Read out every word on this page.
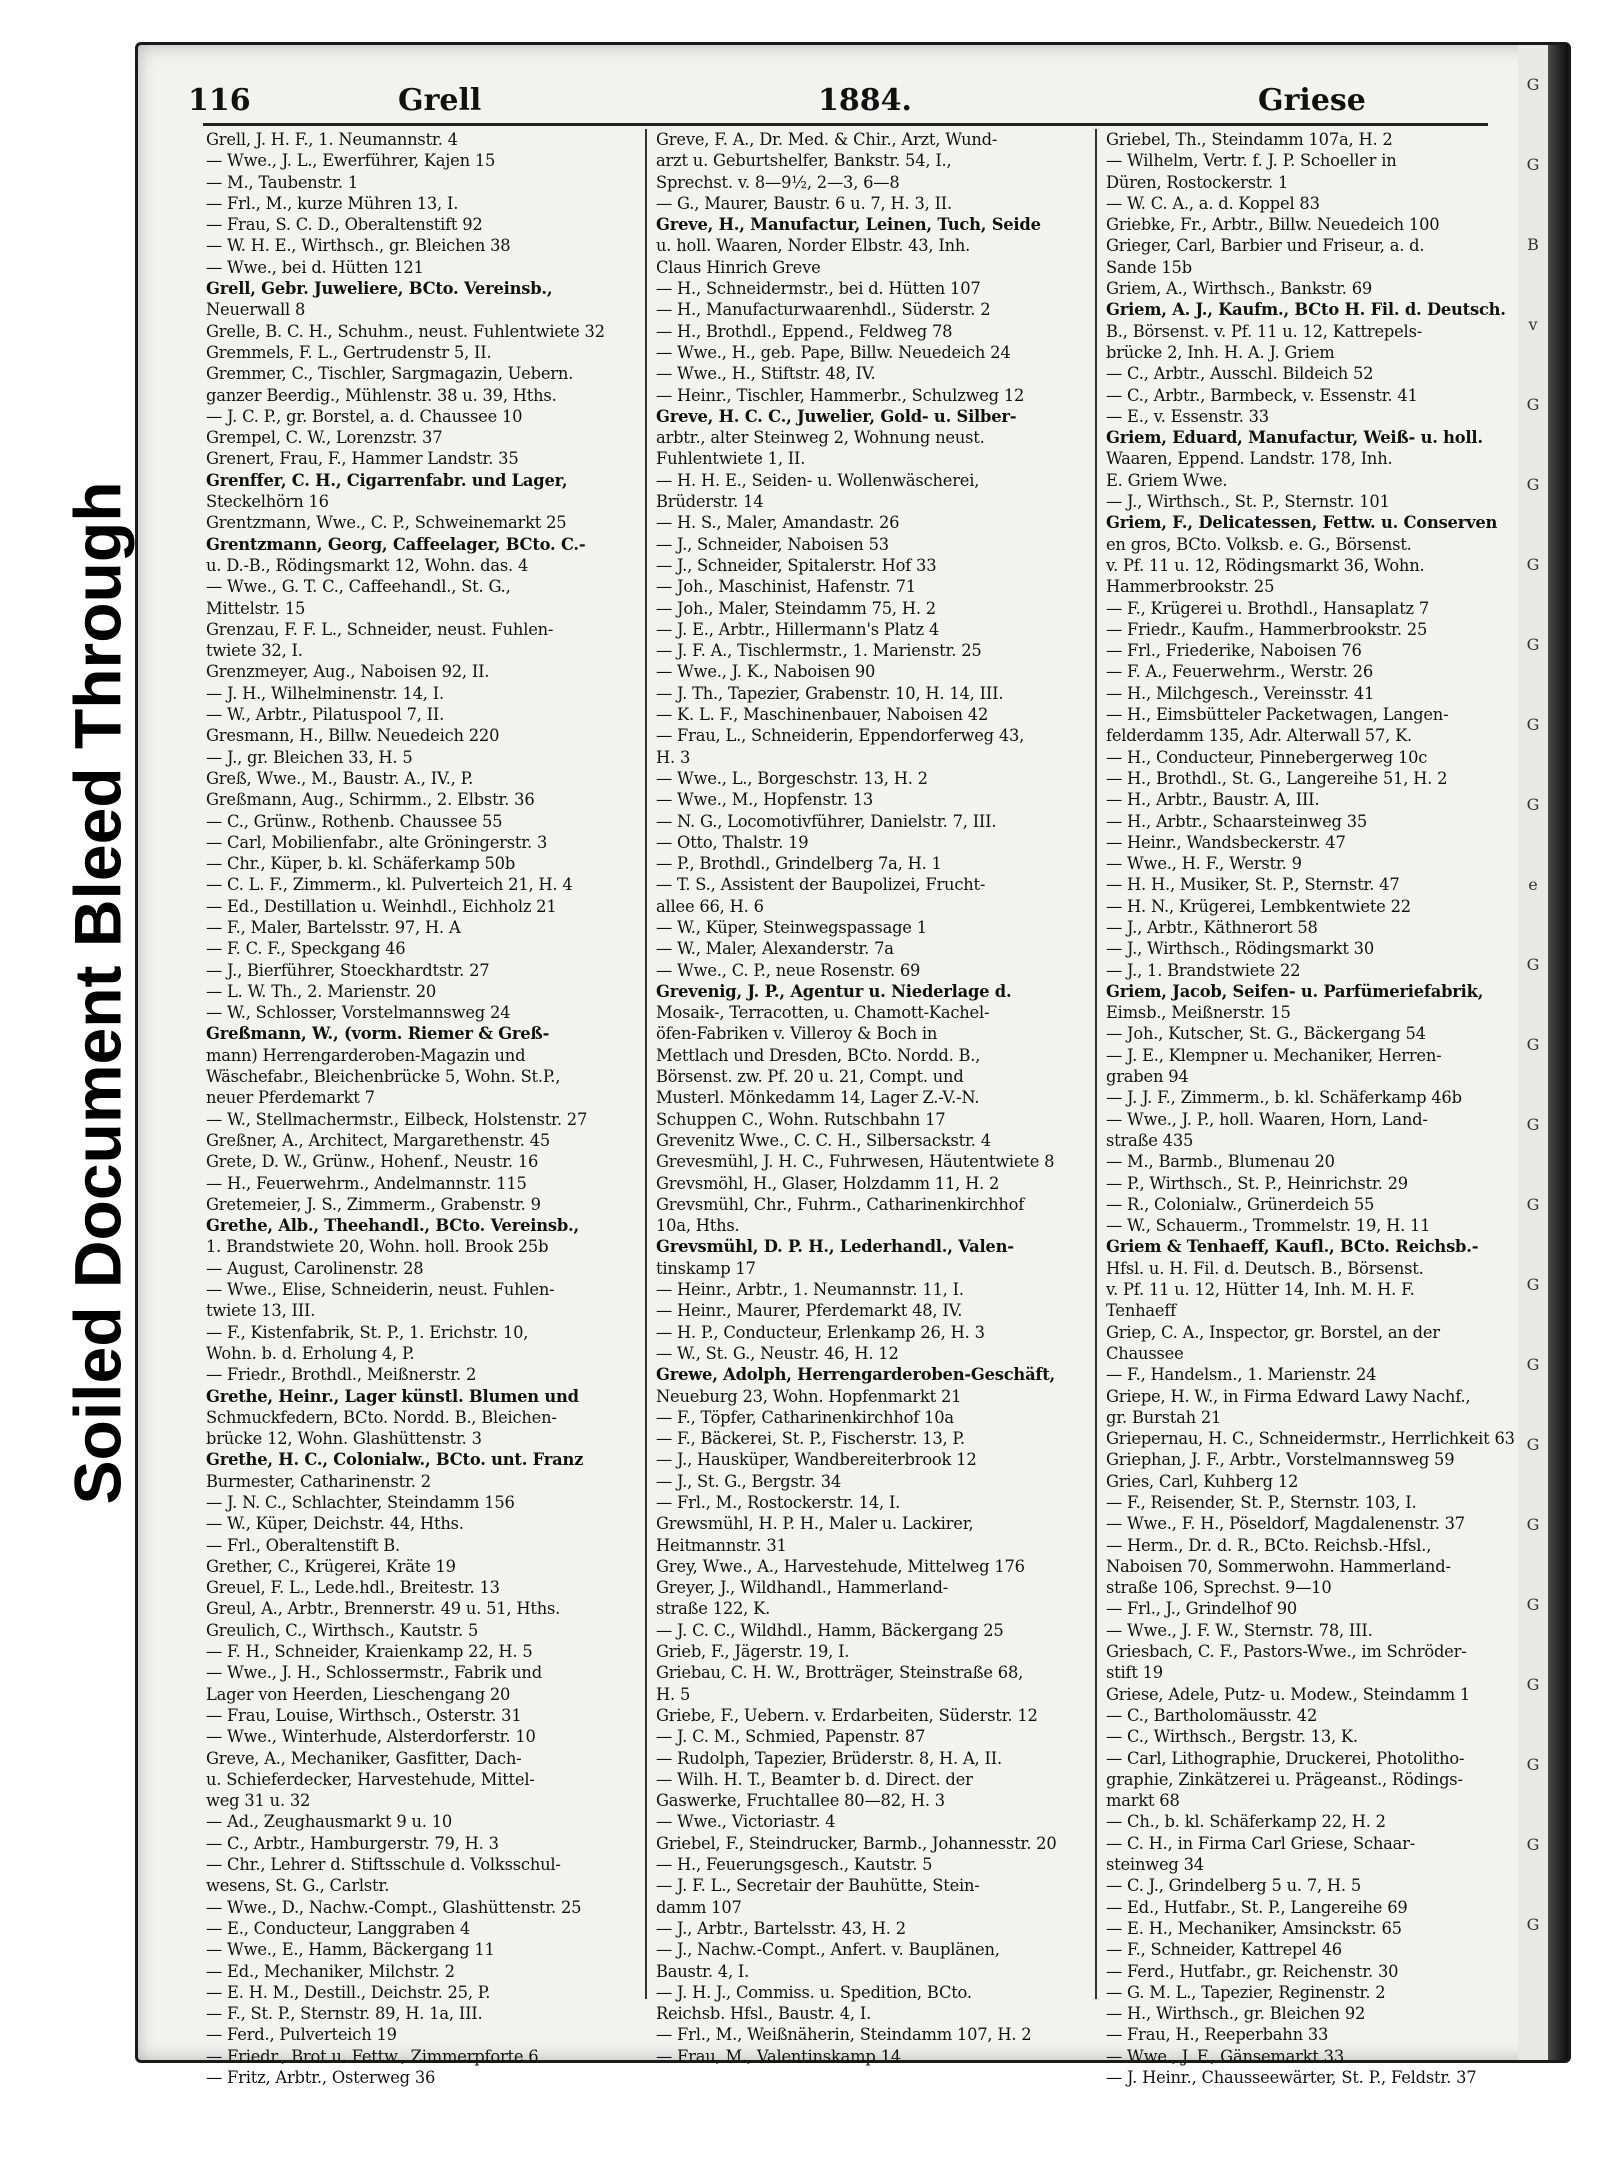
Soiled Document Bleed Through
G
G
B
v
G
G
G
G
G
G
e
G
G
G
G
G
G
G
G
G
G
G
G
G
116	Grell	1884.	Griese
Grell, J. H. F., 1. Neumannstr. 4
— Wwe., J. L., Ewerführer, Kajen 15
— M., Taubenstr. 1
— Frl., M., kurze Mühren 13, I.
— Frau, S. C. D., Oberaltenstift 92
— W. H. E., Wirthsch., gr. Bleichen 38
— Wwe., bei d. Hütten 121
Grell, Gebr. Juweliere, BCto. Vereinsb.,
Neuerwall 8
Grelle, B. C. H., Schuhm., neust. Fuhlentwiete 32
Gremmels, F. L., Gertrudenstr 5, II.
Gremmer, C., Tischler, Sargmagazin, Uebern.
ganzer Beerdig., Mühlenstr. 38 u. 39, Hths.
— J. C. P., gr. Borstel, a. d. Chaussee 10
Grempel, C. W., Lorenzstr. 37
Grenert, Frau, F., Hammer Landstr. 35
Grenffer, C. H., Cigarrenfabr. und Lager,
Steckelhörn 16
Grentzmann, Wwe., C. P., Schweinemarkt 25
Grentzmann, Georg, Caffeelager, BCto. C.-
u. D.-B., Rödingsmarkt 12, Wohn. das. 4
— Wwe., G. T. C., Caffeehandl., St. G.,
Mittelstr. 15
Grenzau, F. F. L., Schneider, neust. Fuhlen-
twiete 32, I.
Grenzmeyer, Aug., Naboisen 92, II.
— J. H., Wilhelminenstr. 14, I.
— W., Arbtr., Pilatuspool 7, II.
Gresmann, H., Billw. Neuedeich 220
— J., gr. Bleichen 33, H. 5
Greß, Wwe., M., Baustr. A., IV., P.
Greßmann, Aug., Schirmm., 2. Elbstr. 36
— C., Grünw., Rothenb. Chaussee 55
— Carl, Mobilienfabr., alte Gröningerstr. 3
— Chr., Küper, b. kl. Schäferkamp 50b
— C. L. F., Zimmerm., kl. Pulverteich 21, H. 4
— Ed., Destillation u. Weinhdl., Eichholz 21
— F., Maler, Bartelsstr. 97, H. A
— F. C. F., Speckgang 46
— J., Bierführer, Stoeckhardtstr. 27
— L. W. Th., 2. Marienstr. 20
— W., Schlosser, Vorstelmannsweg 24
Greßmann, W., (vorm. Riemer & Greß-
mann) Herrengarderoben-Magazin und
Wäschefabr., Bleichenbrücke 5, Wohn. St.P.,
neuer Pferdemarkt 7
— W., Stellmachermstr., Eilbeck, Holstenstr. 27
Greßner, A., Architect, Margarethenstr. 45
Grete, D. W., Grünw., Hohenf., Neustr. 16
— H., Feuerwehrm., Andelmannstr. 115
Gretemeier, J. S., Zimmerm., Grabenstr. 9
Grethe, Alb., Theehandl., BCto. Vereinsb.,
1. Brandstwiete 20, Wohn. holl. Brook 25b
— August, Carolinenstr. 28
— Wwe., Elise, Schneiderin, neust. Fuhlen-
twiete 13, III.
— F., Kistenfabrik, St. P., 1. Erichstr. 10,
Wohn. b. d. Erholung 4, P.
— Friedr., Brothdl., Meißnerstr. 2
Grethe, Heinr., Lager künstl. Blumen und
Schmuckfedern, BCto. Nordd. B., Bleichen-
brücke 12, Wohn. Glashüttenstr. 3
Grethe, H. C., Colonialw., BCto. unt. Franz
Burmester, Catharinenstr. 2
— J. N. C., Schlachter, Steindamm 156
— W., Küper, Deichstr. 44, Hths.
— Frl., Oberaltenstift B.
Grether, C., Krügerei, Kräte 19
Greuel, F. L., Lede.hdl., Breitestr. 13
Greul, A., Arbtr., Brennerstr. 49 u. 51, Hths.
Greulich, C., Wirthsch., Kautstr. 5
— F. H., Schneider, Kraienkamp 22, H. 5
— Wwe., J. H., Schlossermstr., Fabrik und
Lager von Heerden, Lieschengang 20
— Frau, Louise, Wirthsch., Osterstr. 31
— Wwe., Winterhude, Alsterdorferstr. 10
Greve, A., Mechaniker, Gasfitter, Dach-
u. Schieferdecker, Harvestehude, Mittel-
weg 31 u. 32
— Ad., Zeughausmarkt 9 u. 10
— C., Arbtr., Hamburgerstr. 79, H. 3
— Chr., Lehrer d. Stiftsschule d. Volksschul-
wesens, St. G., Carlstr.
— Wwe., D., Nachw.-Compt., Glashüttenstr. 25
— E., Conducteur, Langgraben 4
— Wwe., E., Hamm, Bäckergang 11
— Ed., Mechaniker, Milchstr. 2
— E. H. M., Destill., Deichstr. 25, P.
— F., St. P., Sternstr. 89, H. 1a, III.
— Ferd., Pulverteich 19
— Friedr., Brot u. Fettw., Zimmerpforte 6
— Fritz, Arbtr., Osterweg 36
Greve, F. A., Dr. Med. & Chir., Arzt, Wund-
arzt u. Geburtshelfer, Bankstr. 54, I.,
Sprechst. v. 8—9½, 2—3, 6—8
— G., Maurer, Baustr. 6 u. 7, H. 3, II.
Greve, H., Manufactur, Leinen, Tuch, Seide
u. holl. Waaren, Norder Elbstr. 43, Inh.
Claus Hinrich Greve
— H., Schneidermstr., bei d. Hütten 107
— H., Manufacturwaarenhdl., Süderstr. 2
— H., Brothdl., Eppend., Feldweg 78
— Wwe., H., geb. Pape, Billw. Neuedeich 24
— Wwe., H., Stiftstr. 48, IV.
— Heinr., Tischler, Hammerbr., Schulzweg 12
Greve, H. C. C., Juwelier, Gold- u. Silber-
arbtr., alter Steinweg 2, Wohnung neust.
Fuhlentwiete 1, II.
— H. H. E., Seiden- u. Wollenwäscherei,
Brüderstr. 14
— H. S., Maler, Amandastr. 26
— J., Schneider, Naboisen 53
— J., Schneider, Spitalerstr. Hof 33
— Joh., Maschinist, Hafenstr. 71
— Joh., Maler, Steindamm 75, H. 2
— J. E., Arbtr., Hillermann's Platz 4
— J. F. A., Tischlermstr., 1. Marienstr. 25
— Wwe., J. K., Naboisen 90
— J. Th., Tapezier, Grabenstr. 10, H. 14, III.
— K. L. F., Maschinenbauer, Naboisen 42
— Frau, L., Schneiderin, Eppendorferweg 43,
H. 3
— Wwe., L., Borgeschstr. 13, H. 2
— Wwe., M., Hopfenstr. 13
— N. G., Locomotivführer, Danielstr. 7, III.
— Otto, Thalstr. 19
— P., Brothdl., Grindelberg 7a, H. 1
— T. S., Assistent der Baupolizei, Frucht-
allee 66, H. 6
— W., Küper, Steinwegspassage 1
— W., Maler, Alexanderstr. 7a
— Wwe., C. P., neue Rosenstr. 69
Grevenig, J. P., Agentur u. Niederlage d.
Mosaik-, Terracotten, u. Chamott-Kachel-
öfen-Fabriken v. Villeroy & Boch in
Mettlach und Dresden, BCto. Nordd. B.,
Börsenst. zw. Pf. 20 u. 21, Compt. und
Musterl. Mönkedamm 14, Lager Z.-V.-N.
Schuppen C., Wohn. Rutschbahn 17
Grevenitz Wwe., C. C. H., Silbersackstr. 4
Grevesmühl, J. H. C., Fuhrwesen, Häutentwiete 8
Grevsmöhl, H., Glaser, Holzdamm 11, H. 2
Grevsmühl, Chr., Fuhrm., Catharinenkirchhof
10a, Hths.
Grevsmühl, D. P. H., Lederhandl., Valen-
tinskamp 17
— Heinr., Arbtr., 1. Neumannstr. 11, I.
— Heinr., Maurer, Pferdemarkt 48, IV.
— H. P., Conducteur, Erlenkamp 26, H. 3
— W., St. G., Neustr. 46, H. 12
Grewe, Adolph, Herrengarderoben-Geschäft,
Neueburg 23, Wohn. Hopfenmarkt 21
— F., Töpfer, Catharinenkirchhof 10a
— F., Bäckerei, St. P., Fischerstr. 13, P.
— J., Hausküper, Wandbereiterbrook 12
— J., St. G., Bergstr. 34
— Frl., M., Rostockerstr. 14, I.
Grewsmühl, H. P. H., Maler u. Lackirer,
Heitmannstr. 31
Grey, Wwe., A., Harvestehude, Mittelweg 176
Greyer, J., Wildhandl., Hammerland-
straße 122, K.
— J. C. C., Wildhdl., Hamm, Bäckergang 25
Grieb, F., Jägerstr. 19, I.
Griebau, C. H. W., Brotträger, Steinstraße 68,
H. 5
Griebe, F., Uebern. v. Erdarbeiten, Süderstr. 12
— J. C. M., Schmied, Papenstr. 87
— Rudolph, Tapezier, Brüderstr. 8, H. A, II.
— Wilh. H. T., Beamter b. d. Direct. der
Gaswerke, Fruchtallee 80—82, H. 3
— Wwe., Victoriastr. 4
Griebel, F., Steindrucker, Barmb., Johannesstr. 20
— H., Feuerungsgesch., Kautstr. 5
— J. F. L., Secretair der Bauhütte, Stein-
damm 107
— J., Arbtr., Bartelsstr. 43, H. 2
— J., Nachw.-Compt., Anfert. v. Bauplänen,
Baustr. 4, I.
— J. H. J., Commiss. u. Spedition, BCto.
Reichsb. Hfsl., Baustr. 4, I.
— Frl., M., Weißnäherin, Steindamm 107, H. 2
— Frau, M., Valentinskamp 14
Griebel, Th., Steindamm 107a, H. 2
— Wilhelm, Vertr. f. J. P. Schoeller in
Düren, Rostockerstr. 1
— W. C. A., a. d. Koppel 83
Griebke, Fr., Arbtr., Billw. Neuedeich 100
Grieger, Carl, Barbier und Friseur, a. d.
Sande 15b
Griem, A., Wirthsch., Bankstr. 69
Griem, A. J., Kaufm., BCto H. Fil. d. Deutsch.
B., Börsenst. v. Pf. 11 u. 12, Kattrepels-
brücke 2, Inh. H. A. J. Griem
— C., Arbtr., Ausschl. Bildeich 52
— C., Arbtr., Barmbeck, v. Essenstr. 41
— E., v. Essenstr. 33
Griem, Eduard, Manufactur, Weiß- u. holl.
Waaren, Eppend. Landstr. 178, Inh.
E. Griem Wwe.
— J., Wirthsch., St. P., Sternstr. 101
Griem, F., Delicatessen, Fettw. u. Conserven
en gros, BCto. Volksb. e. G., Börsenst.
v. Pf. 11 u. 12, Rödingsmarkt 36, Wohn.
Hammerbrookstr. 25
— F., Krügerei u. Brothdl., Hansaplatz 7
— Friedr., Kaufm., Hammerbrookstr. 25
— Frl., Friederike, Naboisen 76
— F. A., Feuerwehrm., Werstr. 26
— H., Milchgesch., Vereinsstr. 41
— H., Eimsbütteler Packetwagen, Langen-
felderdamm 135, Adr. Alterwall 57, K.
— H., Conducteur, Pinnebergerweg 10c
— H., Brothdl., St. G., Langereihe 51, H. 2
— H., Arbtr., Baustr. A, III.
— H., Arbtr., Schaarsteinweg 35
— Heinr., Wandsbeckerstr. 47
— Wwe., H. F., Werstr. 9
— H. H., Musiker, St. P., Sternstr. 47
— H. N., Krügerei, Lembkentwiete 22
— J., Arbtr., Käthnerort 58
— J., Wirthsch., Rödingsmarkt 30
— J., 1. Brandstwiete 22
Griem, Jacob, Seifen- u. Parfümeriefabrik,
Eimsb., Meißnerstr. 15
— Joh., Kutscher, St. G., Bäckergang 54
— J. E., Klempner u. Mechaniker, Herren-
graben 94
— J. J. F., Zimmerm., b. kl. Schäferkamp 46b
— Wwe., J. P., holl. Waaren, Horn, Land-
straße 435
— M., Barmb., Blumenau 20
— P., Wirthsch., St. P., Heinrichstr. 29
— R., Colonialw., Grünerdeich 55
— W., Schauerm., Trommelstr. 19, H. 11
Griem & Tenhaeff, Kaufl., BCto. Reichsb.-
Hfsl. u. H. Fil. d. Deutsch. B., Börsenst.
v. Pf. 11 u. 12, Hütter 14, Inh. M. H. F.
Tenhaeff
Griep, C. A., Inspector, gr. Borstel, an der
Chaussee
— F., Handelsm., 1. Marienstr. 24
Griepe, H. W., in Firma Edward Lawy Nachf.,
gr. Burstah 21
Griepernau, H. C., Schneidermstr., Herrlichkeit 63
Griephan, J. F., Arbtr., Vorstelmannsweg 59
Gries, Carl, Kuhberg 12
— F., Reisender, St. P., Sternstr. 103, I.
— Wwe., F. H., Pöseldorf, Magdalenenstr. 37
— Herm., Dr. d. R., BCto. Reichsb.-Hfsl.,
Naboisen 70, Sommerwohn. Hammerland-
straße 106, Sprechst. 9—10
— Frl., J., Grindelhof 90
— Wwe., J. F. W., Sternstr. 78, III.
Griesbach, C. F., Pastors-Wwe., im Schröder-
stift 19
Griese, Adele, Putz- u. Modew., Steindamm 1
— C., Bartholomäusstr. 42
— C., Wirthsch., Bergstr. 13, K.
— Carl, Lithographie, Druckerei, Photolitho-
graphie, Zinkätzerei u. Prägeanst., Rödings-
markt 68
— Ch., b. kl. Schäferkamp 22, H. 2
— C. H., in Firma Carl Griese, Schaar-
steinweg 34
— C. J., Grindelberg 5 u. 7, H. 5
— Ed., Hutfabr., St. P., Langereihe 69
— E. H., Mechaniker, Amsinckstr. 65
— F., Schneider, Kattrepel 46
— Ferd., Hutfabr., gr. Reichenstr. 30
— G. M. L., Tapezier, Reginenstr. 2
— H., Wirthsch., gr. Bleichen 92
— Frau, H., Reeperbahn 33
— Wwe., J. F., Gänsemarkt 33
— J. Heinr., Chausseewärter, St. P., Feldstr. 37
